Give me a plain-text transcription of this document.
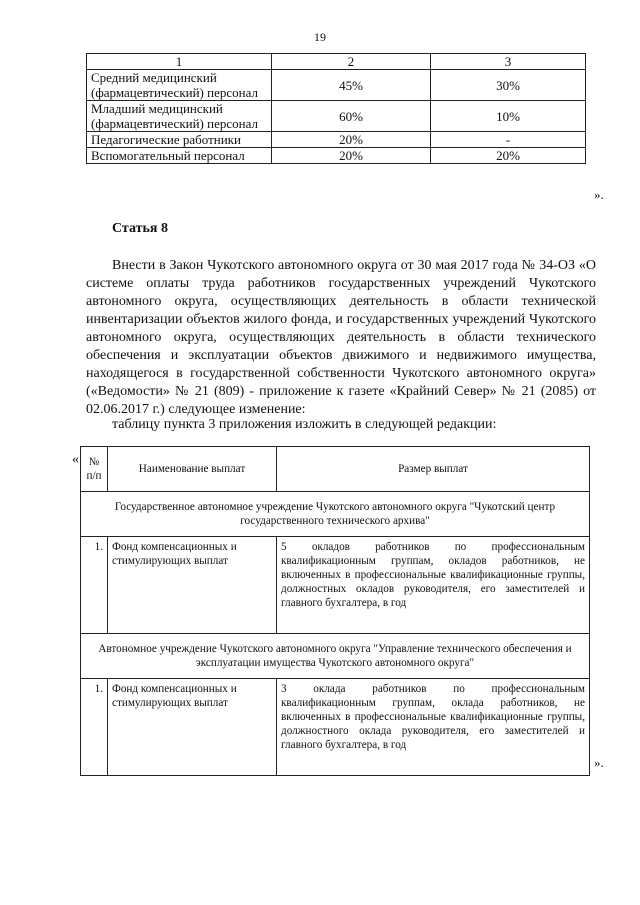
19
1	2	3
Средний медицинский (фармацевтический) персонал	45%	30%
Младший медицинский (фармацевтический) персонал	60%	10%
Педагогические работники	20%	-
Вспомогательный персонал	20%	20%
».
Статья 8

Внести в Закон Чукотского автономного округа от 30 мая 2017 года № 34-ОЗ «О системе оплаты труда работников государственных учреждений Чукотского автономного округа, осуществляющих деятельность в области технической инвентаризации объектов жилого фонда, и государственных учреждений Чукотского автономного округа, осуществляющих деятельность в области технического обеспечения и эксплуатации объектов движимого и недвижимого имущества, находящегося в государственной собственности Чукотского автономного округа» («Ведомости» № 21 (809) - приложение к газете «Крайний Север» № 21 (2085) от 02.06.2017 г.) следующее изменение:

таблицу пункта 3 приложения изложить в следующей редакции:
« № п/п	Наименование выплат	Размер выплат
Государственное автономное учреждение Чукотского автономного округа "Чукотский центр государственного технического архива"		
1.	Фонд компенсационных и стимулирующих выплат	5 окладов работников по профессиональным квалификационным группам, окладов работников, не включенных в профессиональные квалификационные группы, должностных окладов руководителя, его заместителей и главного бухгалтера, в год
Автономное учреждение Чукотского автономного округа "Управление технического обеспечения и эксплуатации имущества Чукотского автономного округа"		
1.	Фонд компенсационных и стимулирующих выплат	3 оклада работников по профессиональным квалификационным группам, оклада работников, не включенных в профессиональные квалификационные группы, должностного оклада руководителя, его заместителей и главного бухгалтера, в год
».
